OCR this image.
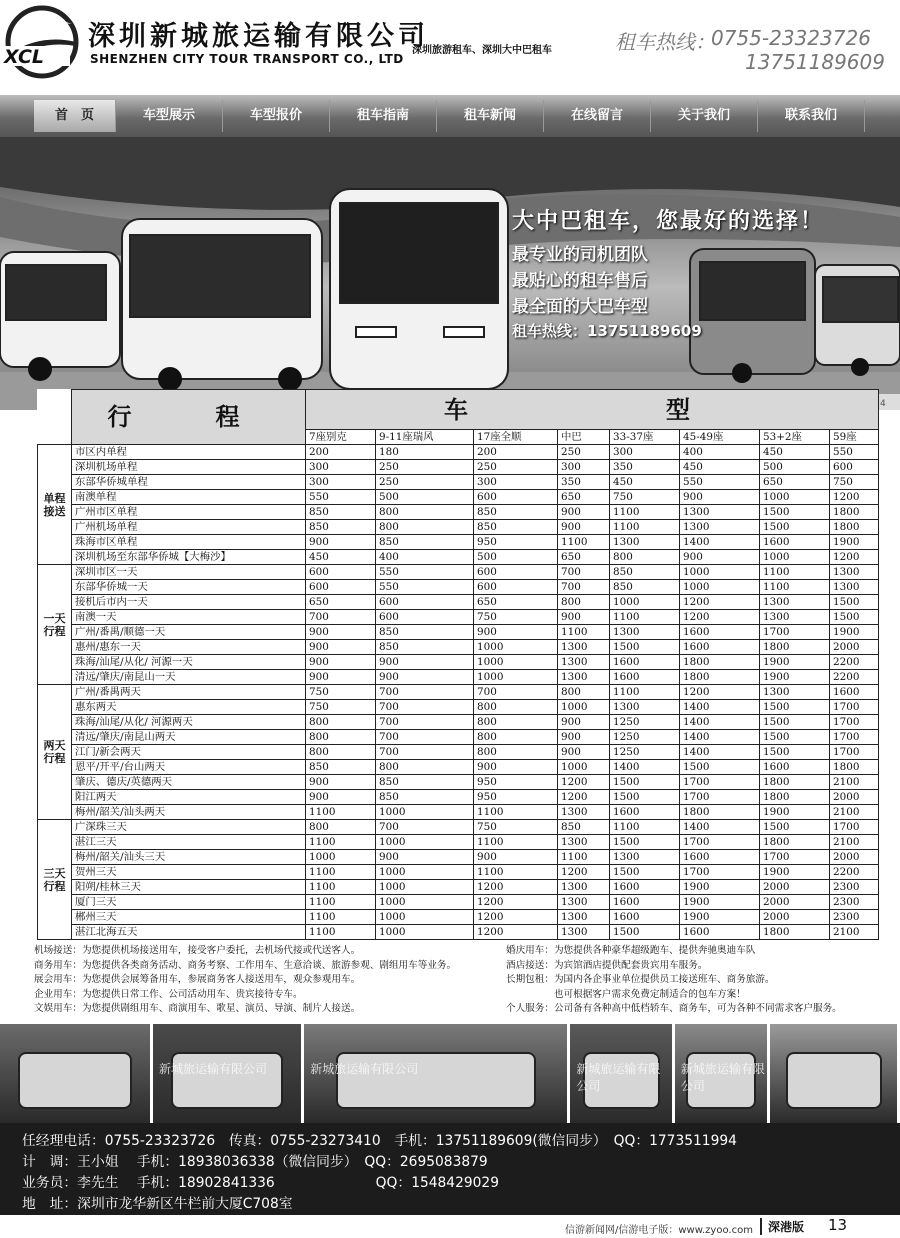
XCL
深圳新城旅运输有限公司
SHENZHEN CITY TOUR TRANSPORT CO., LTD
深圳旅游租车、深圳大中巴租车	租车热线：
0755-23323726
13751189609
首　页	车型展示	车型报价	租车指南	租车新闻	在线留言	关于我们	联系我们
4
大中巴租车，您最好的选择！
最专业的司机团队
最贴心的租车售后
最全面的大巴车型
租车热线：13751189609
	行　程	车　　型							
		7座别克	9-11座瑞风	17座全顺	中巴	33-37座	45-49座	53+2座	59座
单程接送	市区内单程	200	180	200	250	300	400	450	550
	深圳机场单程	300	250	250	300	350	450	500	600
	东部华侨城单程	300	250	300	350	450	550	650	750
	南澳单程	550	500	600	650	750	900	1000	1200
	广州市区单程	850	800	850	900	1100	1300	1500	1800
	广州机场单程	850	800	850	900	1100	1300	1500	1800
	珠海市区单程	900	850	950	1100	1300	1400	1600	1900
	深圳机场至东部华侨城【大梅沙】	450	400	500	650	800	900	1000	1200
一天行程	深圳市区一天	600	550	600	700	850	1000	1100	1300
	东部华侨城一天	600	550	600	700	850	1000	1100	1300
	接机后市内一天	650	600	650	800	1000	1200	1300	1500
	南澳一天	700	600	750	900	1100	1200	1300	1500
	广州/番禺/顺德一天	900	850	900	1100	1300	1600	1700	1900
	惠州/惠东一天	900	850	1000	1300	1500	1600	1800	2000
	珠海/汕尾/从化/ 河源一天	900	900	1000	1300	1600	1800	1900	2200
	清远/肇庆/南昆山一天	900	900	1000	1300	1600	1800	1900	2200
两天行程	广州/番禺两天	750	700	700	800	1100	1200	1300	1600
	惠东两天	750	700	800	1000	1300	1400	1500	1700
	珠海/汕尾/从化/ 河源两天	800	700	800	900	1250	1400	1500	1700
	清远/肇庆/南昆山两天	800	700	800	900	1250	1400	1500	1700
	江门/新会两天	800	700	800	900	1250	1400	1500	1700
	恩平/开平/台山两天	850	800	900	1000	1400	1500	1600	1800
	肇庆、德庆/英德两天	900	850	950	1200	1500	1700	1800	2100
	阳江两天	900	850	950	1200	1500	1700	1800	2000
	梅州/韶关/汕头两天	1100	1000	1100	1300	1600	1800	1900	2100
三天行程	广深珠三天	800	700	750	850	1100	1400	1500	1700
	湛江三天	1100	1000	1100	1300	1500	1700	1800	2100
	梅州/韶关/汕头三天	1000	900	900	1100	1300	1600	1700	2000
	贺州三天	1100	1000	1100	1200	1500	1700	1900	2200
	阳朔/桂林三天	1100	1000	1200	1300	1600	1900	2000	2300
	厦门三天	1100	1000	1200	1300	1600	1900	2000	2300
	郴州三天	1100	1000	1200	1300	1600	1900	2000	2300
	湛江北海五天	1100	1000	1200	1300	1500	1600	1800	2100
机场接送：为您提供机场接送用车，接受客户委托，去机场代接或代送客人。
商务用车：为您提供各类商务活动、商务考察、工作用车、生意洽谈、旅游参观、剧组用车等业务。
展会用车：为您提供会展筹备用车，参展商务客人接送用车，观众参观用车。
企业用车：为您提供日常工作、公司活动用车、贵宾接待专车。
文娱用车：为您提供剧组用车、商演用车、歌星、演员、导演、制片人接送。
婚庆用车：为您提供各种豪华超级跑车、提供奔驰奥迪车队
酒店接送：为宾馆酒店提供配套贵宾用车服务。
长期包租：为国内各企事业单位提供员工接送班车、商务旅游。
　　　　　也可根据客户需求免费定制适合的包车方案！
个人服务：公司备有各种高中低档轿车、商务车，可为各种不同需求客户服务。
新城旅运输有限公司	新城旅运输有限公司	新城旅运输有限公司
新城旅运输有限公司
任经理电话：0755-23323726　传真：0755-23273410　手机：13751189609(微信同步）　QQ：1773511994
计　调：王小姐　 手机：18938036338（微信同步）　QQ：2695083879
业务员：李先生　 手机：18902841336　　　　　　　 QQ：1548429029
地　址：深圳市龙华新区牛栏前大厦C708室
信游新闻网/信游电子版：www.zyoo.com	深港版 13
